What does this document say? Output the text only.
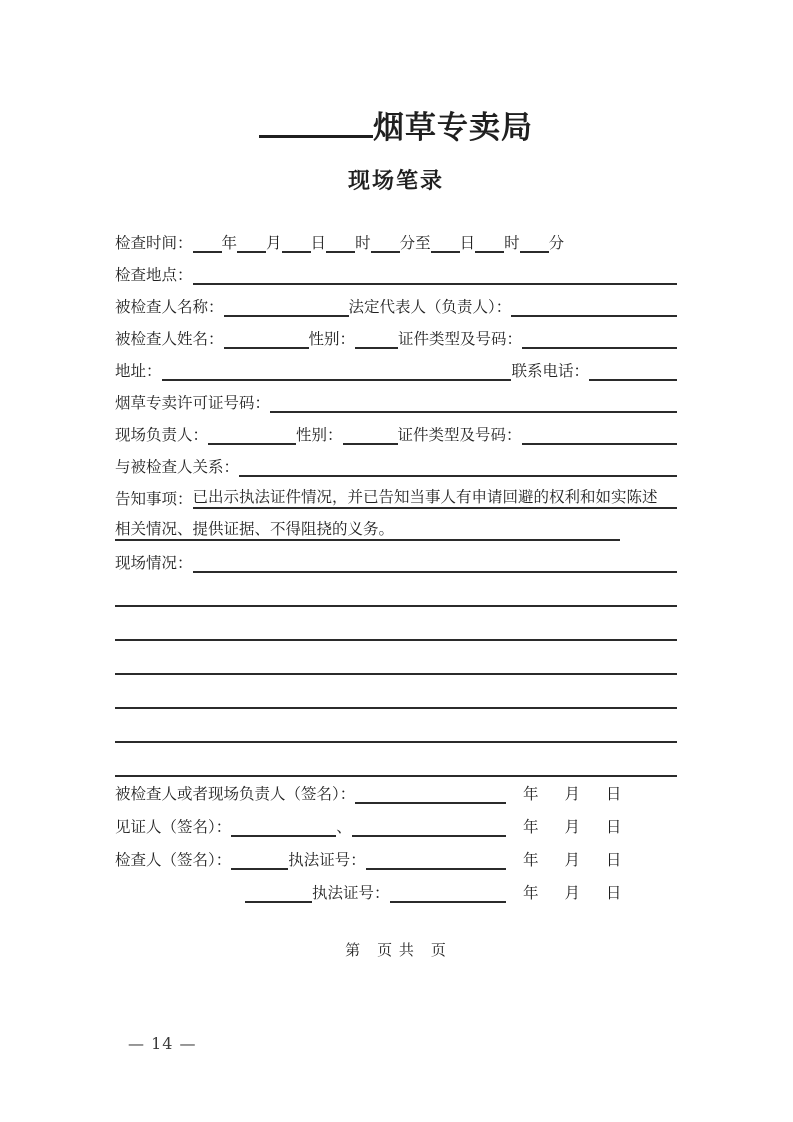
烟草专卖局
现场笔录
检查时间： 年 月 日 时 分至 日 时 分
检查地点：
被检查人名称：	法定代表人（负责人）：
被检查人姓名：	性别：	证件类型及号码：
地址：	联系电话：
烟草专卖许可证号码：
现场负责人：	性别：	证件类型及号码：
与被检查人关系：
告知事项： 已出示执法证件情况，并已告知当事人有申请回避的权利和如实陈述
相关情况、提供证据、不得阻挠的义务。
现场情况：
被检查人或者现场负责人（签名）：	年 月 日
见证人（签名）：	、	年 月 日
检查人（签名）：	执法证号：	年 月 日
执法证号：	年 月 日
第　页 共　页
— 14 —
